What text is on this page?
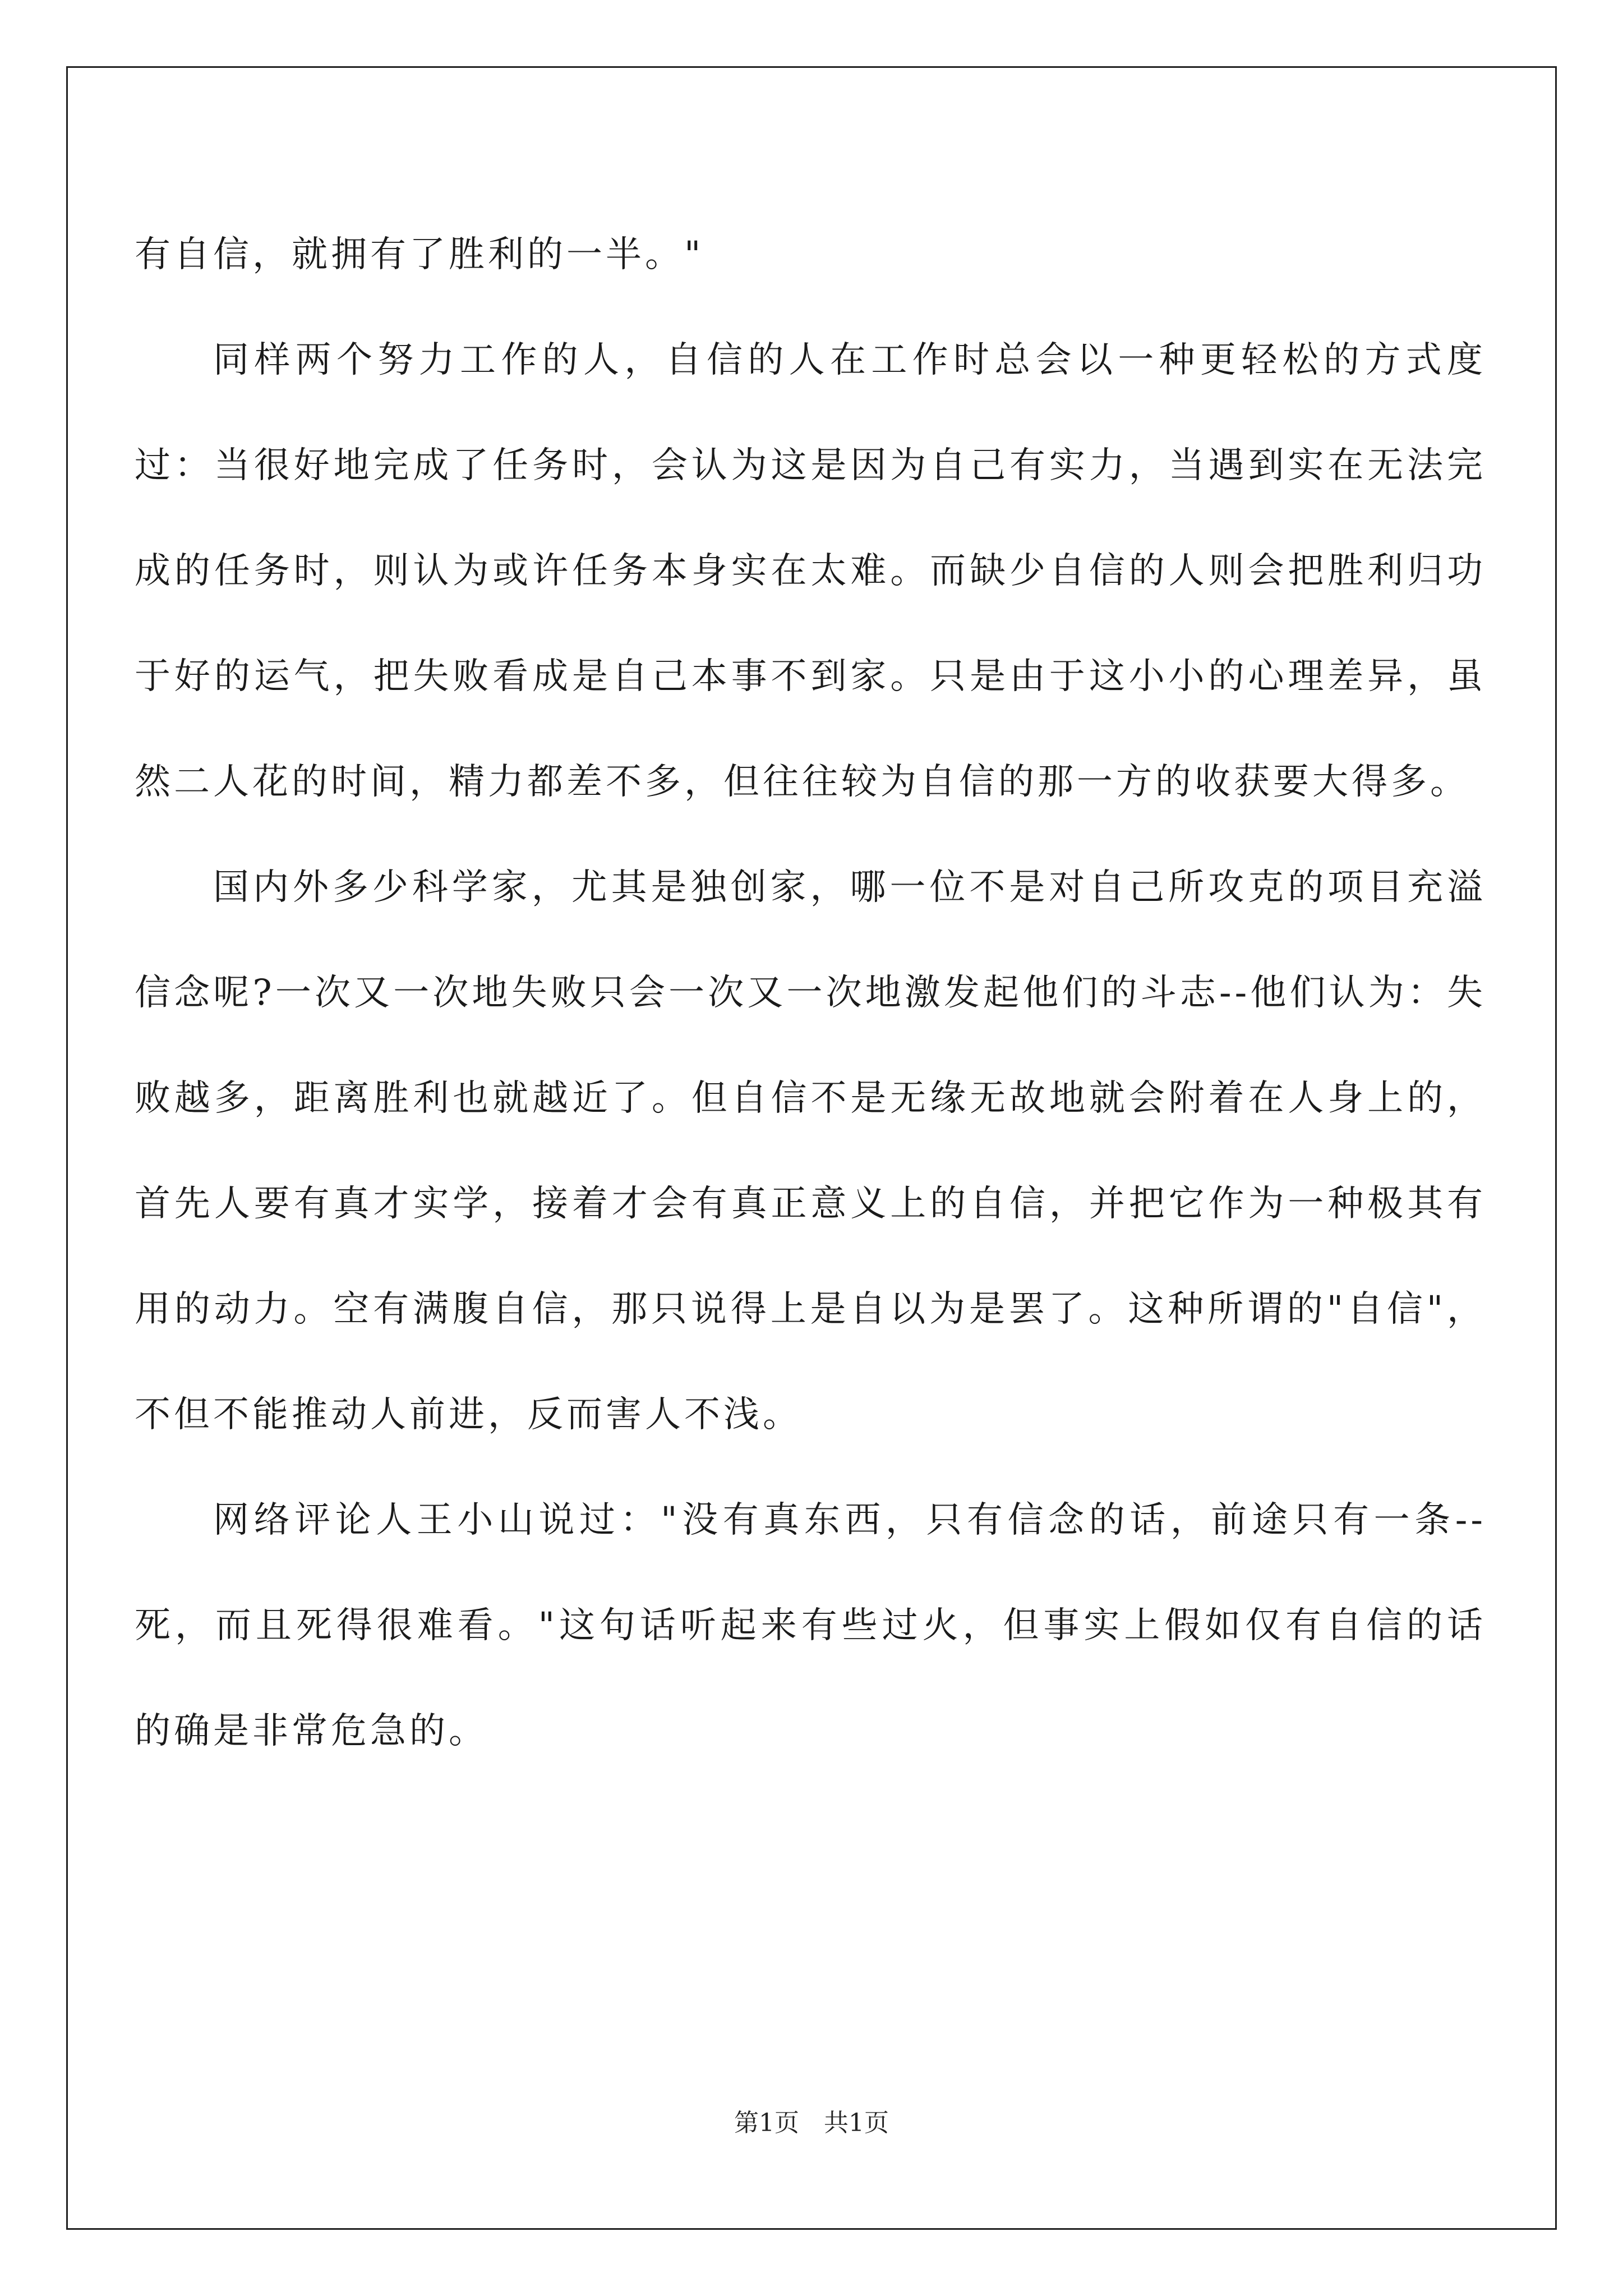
有自信，就拥有了胜利的一半。"

同样两个努力工作的人，自信的人在工作时总会以一种更轻松的方式度过：当很好地完成了任务时，会认为这是因为自己有实力，当遇到实在无法完成的任务时，则认为或许任务本身实在太难。而缺少自信的人则会把胜利归功于好的运气，把失败看成是自己本事不到家。只是由于这小小的心理差异，虽然二人花的时间，精力都差不多，但往往较为自信的那一方的收获要大得多。

国内外多少科学家，尤其是独创家，哪一位不是对自己所攻克的项目充溢信念呢?一次又一次地失败只会一次又一次地激发起他们的斗志--他们认为：失败越多，距离胜利也就越近了。但自信不是无缘无故地就会附着在人身上的，首先人要有真才实学，接着才会有真正意义上的自信，并把它作为一种极其有用的动力。空有满腹自信，那只说得上是自以为是罢了。这种所谓的"自信"，不但不能推动人前进，反而害人不浅。

网络评论人王小山说过："没有真东西，只有信念的话，前途只有一条--死，而且死得很难看。"这句话听起来有些过火，但事实上假如仅有自信的话的确是非常危急的。

第1页　共1页
